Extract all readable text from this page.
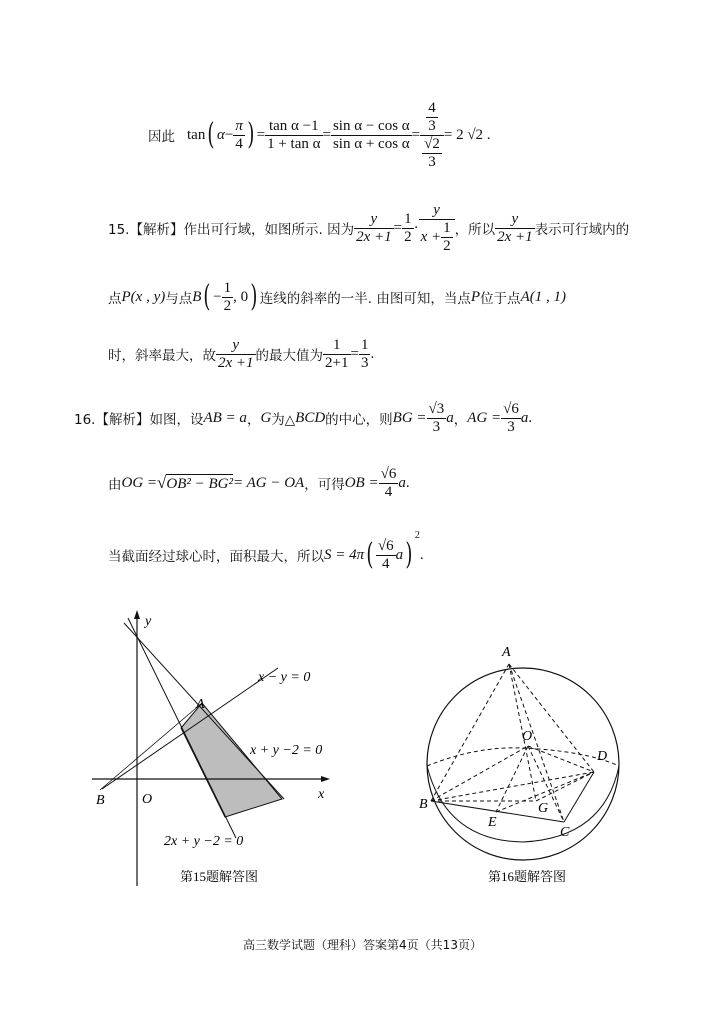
因此 tan ( $\alpha - \frac{\pi}{4}$ ) = $\frac{\text{tan α −1}}{\text{1 + tan α}} = \frac{\text{sin α − cos α}}{\text{sin α + cos α}} = \frac{\frac{4}{3}}{\frac{√2}{3}} = 2$ √2 .
15.【解析】 作出可行域，如图所示. 因为 $\frac{y}{2x +1} = \frac{1}{2} \cdot \frac{y}{x + \frac{1}{2}}$ ，所以 $\frac{y}{2x +1}$ 表示可行域内的
点 P(x , y) 与点 B ( − $\frac{1}{2}$ , 0 ) 连线的斜率的一半. 由图可知，当点 P 位于点 A(1 , 1)
时，斜率最大，故 $\frac{y}{2x +1}$ 的最大值为 $\frac{1}{2+1} = \frac{1}{3}$ .
16.【解析】 如图，设 AB = a ， G 为△ BCD 的中心，则 BG = $\frac{√3}{3}$ a ， AG = $\frac{√6}{3}$ a .
由 OG = √ OB² − BG² = AG − OA ，可得 OB = $\frac{√6}{4}$ a .
当截面经过球心时，面积最大，所以 S = 4π ( $\frac{√6}{4}$ a )
2
.
y
x
O
A
B
x − y = 0
x + y −2 = 0
2x + y −2 = 0
第15题解答图
A
O
D
B	G
E
C
第16题解答图
高三数学试题（理科）答案第4页（共13页）
